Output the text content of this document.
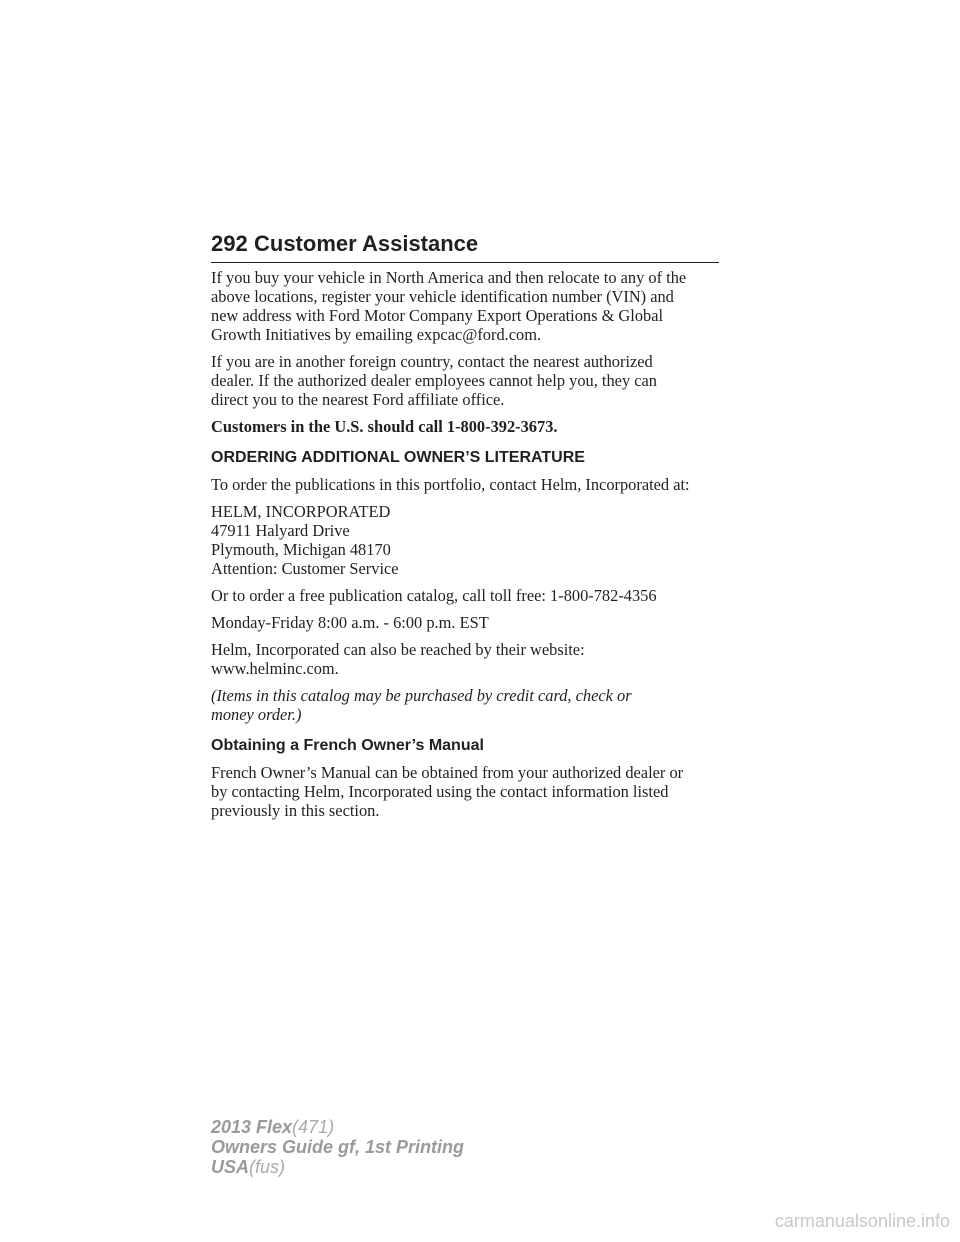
292 Customer Assistance

If you buy your vehicle in North America and then relocate to any of the
above locations, register your vehicle identification number (VIN) and
new address with Ford Motor Company Export Operations & Global
Growth Initiatives by emailing expcac@ford.com.

If you are in another foreign country, contact the nearest authorized
dealer. If the authorized dealer employees cannot help you, they can
direct you to the nearest Ford affiliate office.

Customers in the U.S. should call 1-800-392-3673.

ORDERING ADDITIONAL OWNER’S LITERATURE

To order the publications in this portfolio, contact Helm, Incorporated at:

HELM, INCORPORATED
47911 Halyard Drive
Plymouth, Michigan 48170
Attention: Customer Service

Or to order a free publication catalog, call toll free: 1-800-782-4356

Monday-Friday 8:00 a.m. - 6:00 p.m. EST

Helm, Incorporated can also be reached by their website:
www.helminc.com.

(Items in this catalog may be purchased by credit card, check or
money order.)

Obtaining a French Owner’s Manual

French Owner’s Manual can be obtained from your authorized dealer or
by contacting Helm, Incorporated using the contact information listed
previously in this section.

2013 Flex(471)
Owners Guide gf, 1st Printing
USA(fus)
carmanualsonline.info
